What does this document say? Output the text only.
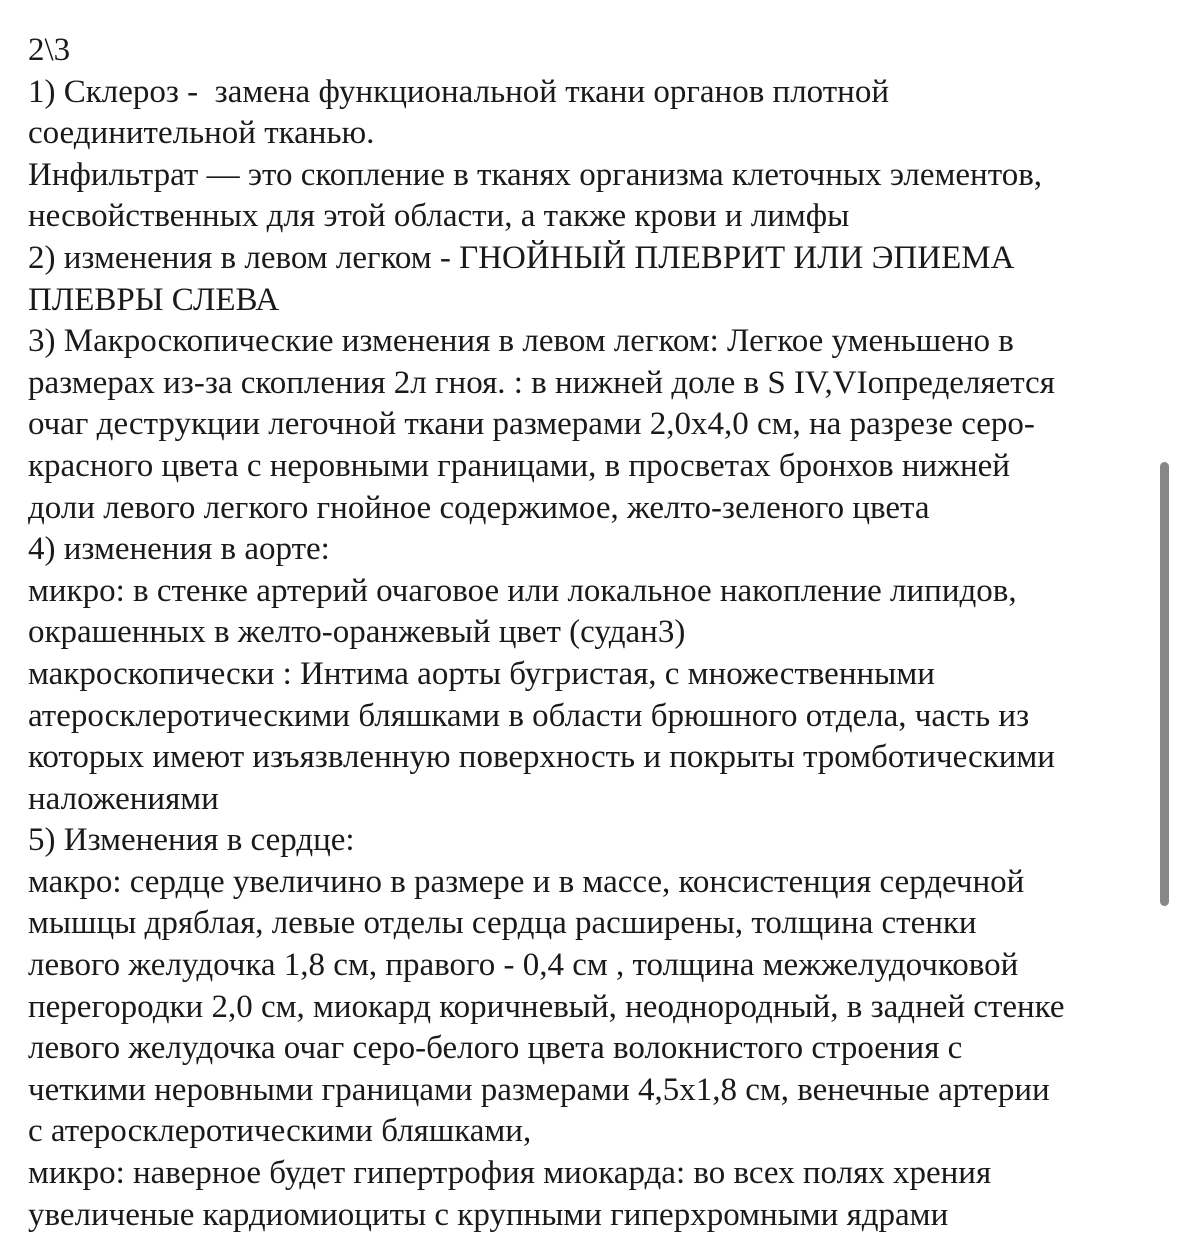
2\3
1) Склероз -  замена функциональной ткани органов плотной
соединительной тканью.
Инфильтрат — это скопление в тканях организма клеточных элементов,
несвойственных для этой области, а также крови и лимфы
2) изменения в левом легком - ГНОЙНЫЙ ПЛЕВРИТ ИЛИ ЭПИЕМА
ПЛЕВРЫ СЛЕВА
3) Макроскопические изменения в левом легком: Легкое уменьшено в
размерах из-за скопления 2л гноя. : в нижней доле в S IV,VIопределяется
очаг деструкции легочной ткани размерами 2,0х4,0 см, на разрезе серо-
красного цвета с неровными границами, в просветах бронхов нижней
доли левого легкого гнойное содержимое, желто-зеленого цвета
4) изменения в аорте:
микро: в стенке артерий очаговое или локальное накопление липидов,
окрашенных в желто-оранжевый цвет (судан3)
макроскопически : Интима аорты бугристая, с множественными
атеросклеротическими бляшками в области брюшного отдела, часть из
которых имеют изъязвленную поверхность и покрыты тромботическими
наложениями
5) Изменения в сердце:
макро: сердце увеличино в размере и в массе, консистенция сердечной
мышцы дряблая, левые отделы сердца расширены, толщина стенки
левого желудочка 1,8 см, правого - 0,4 см , толщина межжелудочковой
перегородки 2,0 см, миокард коричневый, неоднородный, в задней стенке
левого желудочка очаг серо-белого цвета волокнистого строения с
четкими неровными границами размерами 4,5х1,8 см, венечные артерии
с атеросклеротическими бляшками,
микро: наверное будет гипертрофия миокарда: во всех полях хрения
увеличеные кардиомиоциты с крупными гиперхромными ядрами
